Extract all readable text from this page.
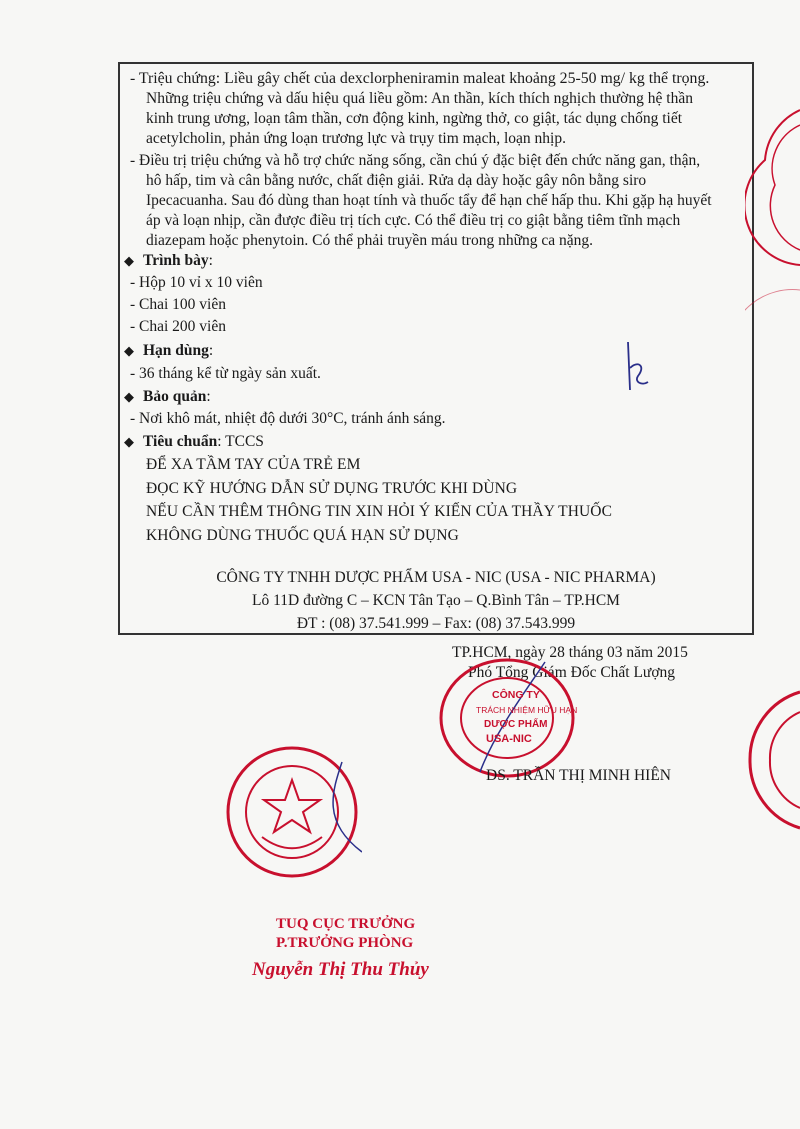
- Triệu chứng: Liều gây chết của dexclorpheniramin maleat khoảng 25-50 mg/ kg thể trọng.
Những triệu chứng và dấu hiệu quá liều gồm: An thần, kích thích nghịch thường hệ thần
kinh trung ương, loạn tâm thần, cơn động kinh, ngừng thở, co giật, tác dụng chống tiết
acetylcholin, phản ứng loạn trương lực và trụy tim mạch, loạn nhịp.
- Điều trị triệu chứng và hỗ trợ chức năng sống, cần chú ý đặc biệt đến chức năng gan, thận,
hô hấp, tim và cân bằng nước, chất điện giải. Rửa dạ dày hoặc gây nôn bằng siro
Ipecacuanha. Sau đó dùng than hoạt tính và thuốc tẩy để hạn chế hấp thu. Khi gặp hạ huyết
áp và loạn nhịp, cần được điều trị tích cực. Có thể điều trị co giật bằng tiêm tĩnh mạch
diazepam hoặc phenytoin. Có thể phải truyền máu trong những ca nặng.
◆ Trình bày:
- Hộp 10 vỉ x 10 viên
- Chai 100 viên
- Chai 200 viên
◆ Hạn dùng:
- 36 tháng kể từ ngày sản xuất.
◆ Bảo quản:
- Nơi khô mát, nhiệt độ dưới 30°C, tránh ánh sáng.
◆ Tiêu chuẩn: TCCS
ĐỂ XA TẦM TAY CỦA TRẺ EM
ĐỌC KỸ HƯỚNG DẪN SỬ DỤNG TRƯỚC KHI DÙNG
NẾU CẦN THÊM THÔNG TIN XIN HỎI Ý KIẾN CỦA THẦY THUỐC
KHÔNG DÙNG THUỐC QUÁ HẠN SỬ DỤNG
CÔNG TY TNHH DƯỢC PHẨM USA - NIC (USA - NIC PHARMA)
Lô 11D đường C – KCN Tân Tạo – Q.Bình Tân – TP.HCM
ĐT : (08) 37.541.999 – Fax: (08) 37.543.999
TP.HCM, ngày 28 tháng 03 năm 2015
Phó Tổng Giám Đốc Chất Lượng
CÔNG TY
TRÁCH NHIỆM HỮU HẠN
DƯỢC PHẨM
USA-NIC
DS. TRẦN THỊ MINH HIÊN
TUQ CỤC TRƯỞNG
P.TRƯỞNG PHÒNG
Nguyễn Thị Thu Thủy
